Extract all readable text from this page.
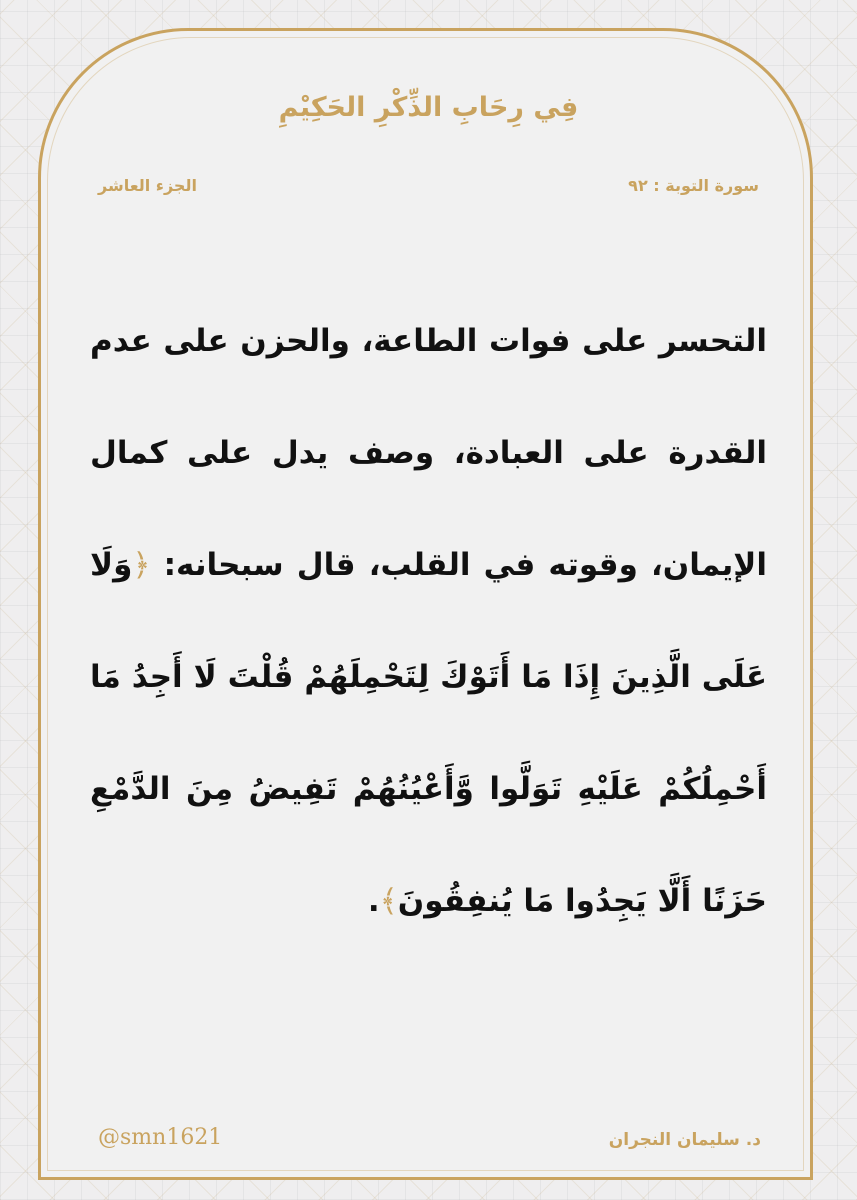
فِي رِحَابِ الذِّكْرِ الحَكِيْمِ
سورة التوبة : ٩٢
الجزء العاشر

التحسر على فوات الطاعة، والحزن على عدم القدرة على العبادة، وصف يدل على كمال الإيمان، وقوته في القلب، قال سبحانه: ﴿وَلَا عَلَى الَّذِينَ إِذَا مَا أَتَوْكَ لِتَحْمِلَهُمْ قُلْتَ لَا أَجِدُ مَا أَحْمِلُكُمْ عَلَيْهِ تَوَلَّوا وَّأَعْيُنُهُمْ تَفِيضُ مِنَ الدَّمْعِ حَزَنًا أَلَّا يَجِدُوا مَا يُنفِقُونَ﴾.

د. سليمان النجران
@smn1621
